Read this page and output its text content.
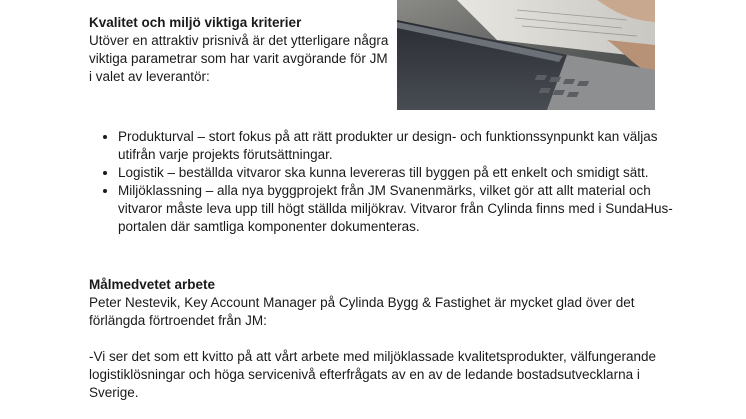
Kvalitet och miljö viktiga kriterier

Utöver en attraktiv prisnivå är det ytterligare några viktiga parametrar som har varit avgörande för JM i valet av leverantör:

• Produkturval – stort fokus på att rätt produkter ur design- och funktionssynpunkt kan väljas utifrån varje projekts förutsättningar.
• Logistik – beställda vitvaror ska kunna levereras till byggen på ett enkelt och smidigt sätt.
• Miljöklassning – alla nya byggprojekt från JM Svanenmärks, vilket gör att allt material och vitvaror måste leva upp till högt ställda miljökrav. Vitvaror från Cylinda finns med i SundaHus-portalen där samtliga komponenter dokumenteras.
Målmedvetet arbete

Peter Nestevik, Key Account Manager på Cylinda Bygg & Fastighet är mycket glad över det förlängda förtroendet från JM:

-Vi ser det som ett kvitto på att vårt arbete med miljöklassade kvalitetsprodukter, välfungerande logistiklösningar och höga servicenivå efterfrågats av en av de ledande bostadsutvecklarna i Sverige.
